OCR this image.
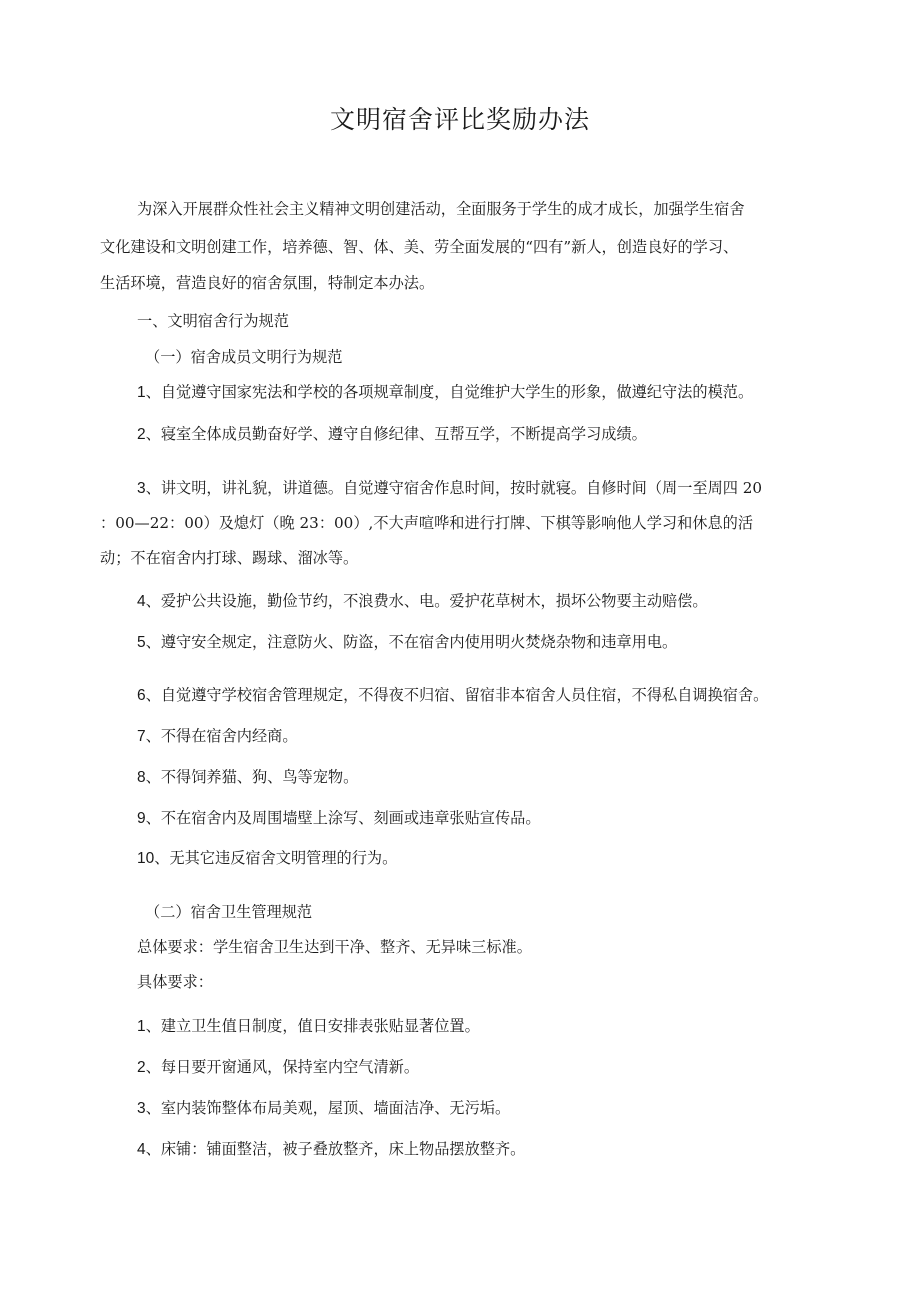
文明宿舍评比奖励办法

为深入开展群众性社会主义精神文明创建活动，全面服务于学生的成才成长，加强学生宿舍

文化建设和文明创建工作，培养德、智、体、美、劳全面发展的“四有”新人，创造良好的学习、

生活环境，营造良好的宿舍氛围，特制定本办法。

一、文明宿舍行为规范

（一）宿舍成员文明行为规范

1、自觉遵守国家宪法和学校的各项规章制度，自觉维护大学生的形象，做遵纪守法的模范。

2、寝室全体成员勤奋好学、遵守自修纪律、互帮互学，不断提高学习成绩。

3、讲文明，讲礼貌，讲道德。自觉遵守宿舍作息时间，按时就寝。自修时间（周一至周四 20

：00—22：00）及熄灯（晚 23：00）,不大声喧哗和进行打牌、下棋等影响他人学习和休息的活

动；不在宿舍内打球、踢球、溜冰等。

4、爱护公共设施，勤俭节约，不浪费水、电。爱护花草树木，损坏公物要主动赔偿。

5、遵守安全规定，注意防火、防盗，不在宿舍内使用明火焚烧杂物和违章用电。

6、自觉遵守学校宿舍管理规定，不得夜不归宿、留宿非本宿舍人员住宿，不得私自调换宿舍。

7、不得在宿舍内经商。

8、不得饲养猫、狗、鸟等宠物。

9、不在宿舍内及周围墙壁上涂写、刻画或违章张贴宣传品。

10、无其它违反宿舍文明管理的行为。

（二）宿舍卫生管理规范

总体要求：学生宿舍卫生达到干净、整齐、无异味三标准。

具体要求：

1、建立卫生值日制度，值日安排表张贴显著位置。

2、每日要开窗通风，保持室内空气清新。

3、室内装饰整体布局美观，屋顶、墙面洁净、无污垢。

4、床铺：铺面整洁，被子叠放整齐，床上物品摆放整齐。
